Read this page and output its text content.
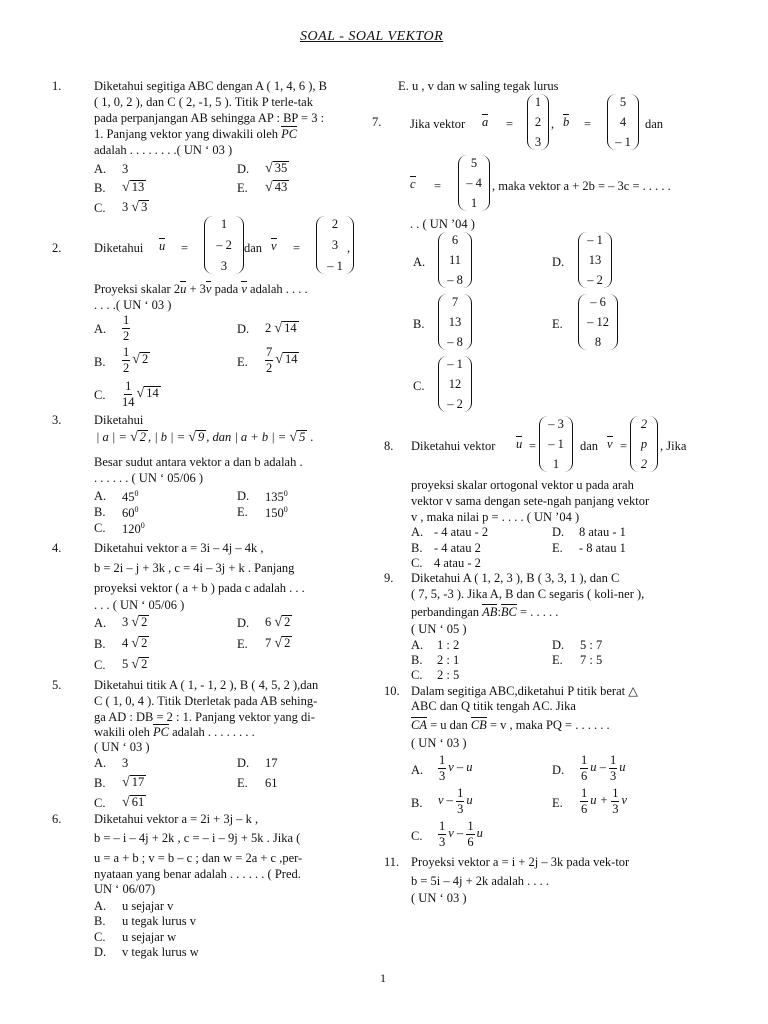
SOAL - SOAL VEKTOR
1.	Diketahui segitiga ABC dengan A ( 1, 4, 6 ), B
( 1, 0, 2 ), dan C ( 2, -1, 5 ). Titik P terle-tak
pada perpanjangan AB sehingga AP : BP = 3 :
1. Panjang vektor yang diwakili oleh PC
adalah . . . . . . . .( UN ‘ 03 )
A. 3	D. √ 35
B. √ 13	E. √ 43
C. 3 √ 3
2.	Diketahui u =
1
– 2
3
dan v =
2
3
– 1
,
Proyeksi skalar 2u + 3v pada v adalah . . . .
. . . .( UN ‘ 03 )
A. $\frac{1}{2}$	D. 2 √ 14
B. $\frac{1}{2}$ √ 2	E. $\frac{7}{2}$ √ 14
C. $\frac{1}{14}$ √ 14
3.	Diketahui
| a | = √ 2 , | b | = √ 9 , dan | a + b | = √ 5 .
Besar sudut antara vektor a dan b adalah .
. . . . . . ( UN ‘ 05/06 )
A. $45^0$	D. $135^0$
B. $60^0$	E. $150^0$
C. $120^0$
4.	Diketahui vektor a = 3i – 4j – 4k ,
b = 2i – j + 3k , c = 4i – 3j + k . Panjang
proyeksi vektor ( a + b ) pada c adalah . . .
. . . ( UN ‘ 05/06 )
A. 3 √ 2	D. 6 √ 2
B. 4 √ 2	E. 7 √ 2
C. 5 √ 2
5.	Diketahui titik A ( 1, - 1, 2 ), B ( 4, 5, 2 ),dan
C ( 1, 0, 4 ). Titik Dterletak pada AB sehing-
ga AD : DB = 2 : 1. Panjang vektor yang di-
wakili oleh PC adalah . . . . . . . .
( UN ‘ 03 )
A. 3	D. 17
B. √ 17	E. 61
C. √ 61
6.	Diketahui vektor a = 2i + 3j – k ,
b = – i – 4j + 2k , c = – i – 9j + 5k . Jika (
u = a + b ; v = b – c ; dan w = 2a + c ,per-
nyataan yang benar adalah . . . . . . ( Pred.
UN ‘ 06/07)
A. u sejajar v
B. u tegak lurus v
C. u sejajar w
D. v tegak lurus w
E. u , v dan w saling tegak lurus
7. Jika vektor a =
1
2
3
, b =
5
4
– 1
dan
c =
5
– 4
1
, maka vektor a + 2b = – 3c = . . . . .
. . ( UN ’04 )
A.
6
11
– 8
D.
– 1
13
– 2
B.
7
13
– 8
E.
– 6
– 12
8
C.
– 1
12
– 2
8. Diketahui vektor u =
– 3
– 1
1
dan v =
2
p
2
, Jika
proyeksi skalar ortogonal vektor u pada arah
vektor v sama dengan sete-ngah panjang vektor
v , maka nilai p = . . . . ( UN ’04 )
A. - 4 atau - 2	D. 8 atau - 1
B. - 4 atau 2	E. - 8 atau 1
C. 4 atau - 2
9. Diketahui A ( 1, 2, 3 ), B ( 3, 3, 1 ), dan C
( 7, 5, -3 ). Jika A, B dan C segaris ( koli-ner ),
perbandingan AB:BC = . . . . .
( UN ‘ 05 )
A. 1 : 2	D. 5 : 7
B. 2 : 1	E. 7 : 5
C. 2 : 5
10. Dalam segitiga ABC,diketahui P titik berat △
ABC dan Q titik tengah AC. Jika
CA = u dan CB = v , maka PQ = . . . . . .
( UN ‘ 03 )
A. $\frac{1}{3}$ v – u	D. $\frac{1}{6}$ u – $\frac{1}{3}$ u
B. v – $\frac{1}{3}$ u	E. $\frac{1}{6}$ $u + \frac{1}{3}$ v
C. $\frac{1}{3}$ v – $\frac{1}{6}$ u
11. Proyeksi vektor a = i + 2j – 3k pada vek-tor
b = 5i – 4j + 2k adalah . . . .
( UN ‘ 03 )
1
